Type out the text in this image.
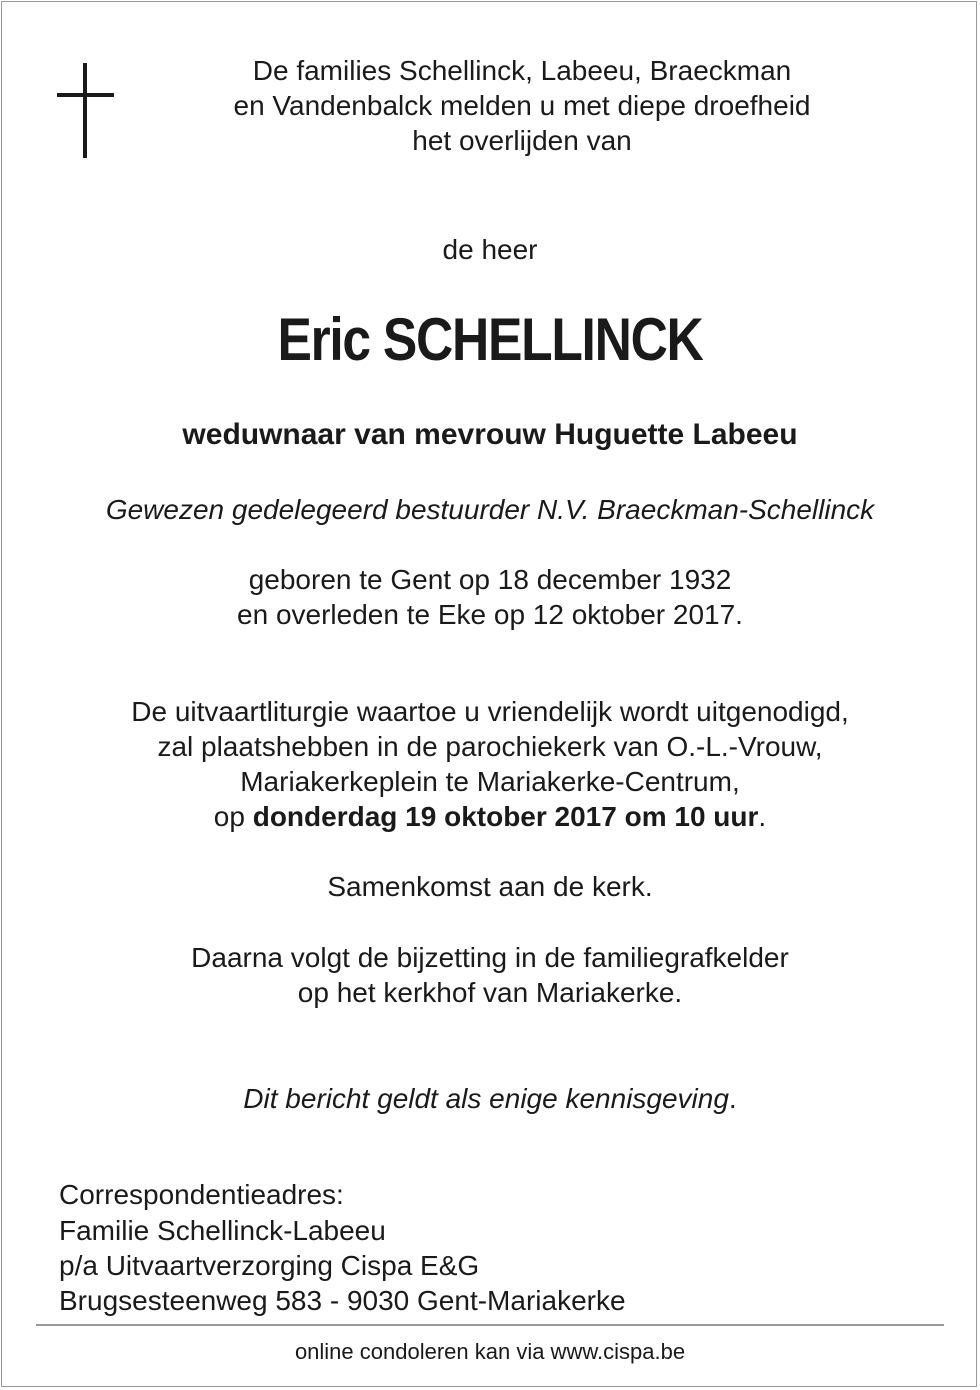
De families Schellinck, Labeeu, Braeckman
en Vandenbalck melden u met diepe droefheid
het overlijden van
de heer
Eric SCHELLINCK
weduwnaar van mevrouw Huguette Labeeu
Gewezen gedelegeerd bestuurder N.V. Braeckman-Schellinck
geboren te Gent op 18 december 1932
en overleden te Eke op 12 oktober 2017.
De uitvaartliturgie waartoe u vriendelijk wordt uitgenodigd,
zal plaatshebben in de parochiekerk van O.-L.-Vrouw,
Mariakerkeplein te Mariakerke-Centrum,
op donderdag 19 oktober 2017 om 10 uur.
Samenkomst aan de kerk.
Daarna volgt de bijzetting in de familiegrafkelder
op het kerkhof van Mariakerke.
Dit bericht geldt als enige kennisgeving.
Correspondentieadres:
Familie Schellinck-Labeeu
p/a Uitvaartverzorging Cispa E&G
Brugsesteenweg 583 - 9030 Gent-Mariakerke
online condoleren kan via www.cispa.be
